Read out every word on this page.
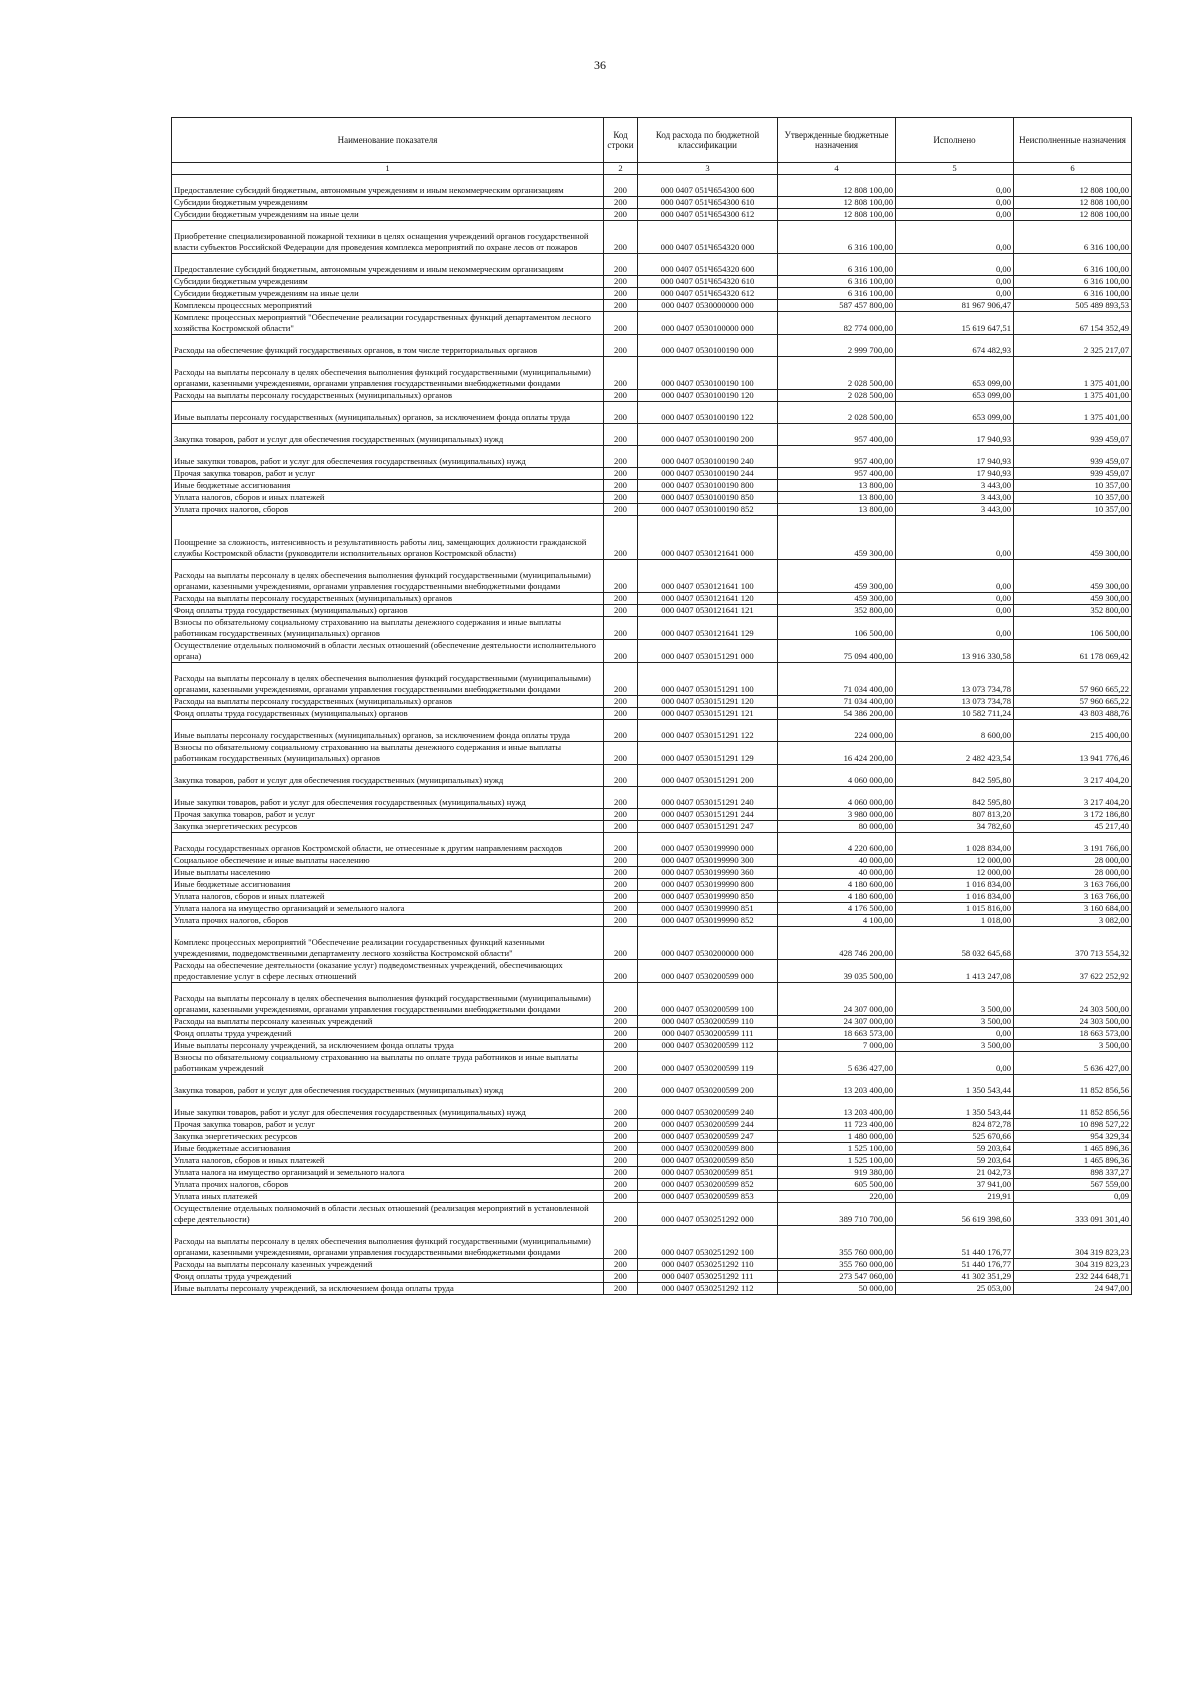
36
Наименование показателя	Код строки	Код расхода по бюджетной классификации	Утвержденные бюджетные назначения	Исполнено	Неисполненные назначения
1	2	3	4	5	6
Предоставление субсидий бюджетным, автономным учреждениям и иным некоммерческим организациям	200	000 0407 051Ч654300 600	12 808 100,00	0,00	12 808 100,00
Субсидии бюджетным учреждениям	200	000 0407 051Ч654300 610	12 808 100,00	0,00	12 808 100,00
Субсидии бюджетным учреждениям на иные цели	200	000 0407 051Ч654300 612	12 808 100,00	0,00	12 808 100,00
Приобретение специализированной пожарной техники в целях оснащения учреждений органов государственной власти субъектов Российской Федерации для проведения комплекса мероприятий по охране лесов от пожаров	200	000 0407 051Ч654320 000	6 316 100,00	0,00	6 316 100,00
Предоставление субсидий бюджетным, автономным учреждениям и иным некоммерческим организациям	200	000 0407 051Ч654320 600	6 316 100,00	0,00	6 316 100,00
Субсидии бюджетным учреждениям	200	000 0407 051Ч654320 610	6 316 100,00	0,00	6 316 100,00
Субсидии бюджетным учреждениям на иные цели	200	000 0407 051Ч654320 612	6 316 100,00	0,00	6 316 100,00
Комплексы процессных мероприятий	200	000 0407 0530000000 000	587 457 800,00	81 967 906,47	505 489 893,53
Комплекс процессных мероприятий "Обеспечение реализации государственных функций департаментом лесного хозяйства Костромской области"	200	000 0407 0530100000 000	82 774 000,00	15 619 647,51	67 154 352,49
Расходы на обеспечение функций государственных органов, в том числе территориальных органов	200	000 0407 0530100190 000	2 999 700,00	674 482,93	2 325 217,07
Расходы на выплаты персоналу в целях обеспечения выполнения функций государственными (муниципальными) органами, казенными учреждениями, органами управления государственными внебюджетными фондами	200	000 0407 0530100190 100	2 028 500,00	653 099,00	1 375 401,00
Расходы на выплаты персоналу государственных (муниципальных) органов	200	000 0407 0530100190 120	2 028 500,00	653 099,00	1 375 401,00
Иные выплаты персоналу государственных (муниципальных) органов, за исключением фонда оплаты труда	200	000 0407 0530100190 122	2 028 500,00	653 099,00	1 375 401,00
Закупка товаров, работ и услуг для обеспечения государственных (муниципальных) нужд	200	000 0407 0530100190 200	957 400,00	17 940,93	939 459,07
Иные закупки товаров, работ и услуг для обеспечения государственных (муниципальных) нужд	200	000 0407 0530100190 240	957 400,00	17 940,93	939 459,07
Прочая закупка товаров, работ и услуг	200	000 0407 0530100190 244	957 400,00	17 940,93	939 459,07
Иные бюджетные ассигнования	200	000 0407 0530100190 800	13 800,00	3 443,00	10 357,00
Уплата налогов, сборов и иных платежей	200	000 0407 0530100190 850	13 800,00	3 443,00	10 357,00
Уплата прочих налогов, сборов	200	000 0407 0530100190 852	13 800,00	3 443,00	10 357,00
Поощрение за сложность, интенсивность и результативность работы лиц, замещающих должности гражданской службы Костромской области (руководители исполнительных органов Костромской области)	200	000 0407 0530121641 000	459 300,00	0,00	459 300,00
Расходы на выплаты персоналу в целях обеспечения выполнения функций государственными (муниципальными) органами, казенными учреждениями, органами управления государственными внебюджетными фондами	200	000 0407 0530121641 100	459 300,00	0,00	459 300,00
Расходы на выплаты персоналу государственных (муниципальных) органов	200	000 0407 0530121641 120	459 300,00	0,00	459 300,00
Фонд оплаты труда государственных (муниципальных) органов	200	000 0407 0530121641 121	352 800,00	0,00	352 800,00
Взносы по обязательному социальному страхованию на выплаты денежного содержания и иные выплаты работникам государственных (муниципальных) органов	200	000 0407 0530121641 129	106 500,00	0,00	106 500,00
Осуществление отдельных полномочий в области лесных отношений (обеспечение деятельности исполнительного органа)	200	000 0407 0530151291 000	75 094 400,00	13 916 330,58	61 178 069,42
Расходы на выплаты персоналу в целях обеспечения выполнения функций государственными (муниципальными) органами, казенными учреждениями, органами управления государственными внебюджетными фондами	200	000 0407 0530151291 100	71 034 400,00	13 073 734,78	57 960 665,22
Расходы на выплаты персоналу государственных (муниципальных) органов	200	000 0407 0530151291 120	71 034 400,00	13 073 734,78	57 960 665,22
Фонд оплаты труда государственных (муниципальных) органов	200	000 0407 0530151291 121	54 386 200,00	10 582 711,24	43 803 488,76
Иные выплаты персоналу государственных (муниципальных) органов, за исключением фонда оплаты труда	200	000 0407 0530151291 122	224 000,00	8 600,00	215 400,00
Взносы по обязательному социальному страхованию на выплаты денежного содержания и иные выплаты работникам государственных (муниципальных) органов	200	000 0407 0530151291 129	16 424 200,00	2 482 423,54	13 941 776,46
Закупка товаров, работ и услуг для обеспечения государственных (муниципальных) нужд	200	000 0407 0530151291 200	4 060 000,00	842 595,80	3 217 404,20
Иные закупки товаров, работ и услуг для обеспечения государственных (муниципальных) нужд	200	000 0407 0530151291 240	4 060 000,00	842 595,80	3 217 404,20
Прочая закупка товаров, работ и услуг	200	000 0407 0530151291 244	3 980 000,00	807 813,20	3 172 186,80
Закупка энергетических ресурсов	200	000 0407 0530151291 247	80 000,00	34 782,60	45 217,40
Расходы государственных органов Костромской области, не отнесенные к другим направлениям расходов	200	000 0407 0530199990 000	4 220 600,00	1 028 834,00	3 191 766,00
Социальное обеспечение и иные выплаты населению	200	000 0407 0530199990 300	40 000,00	12 000,00	28 000,00
Иные выплаты населению	200	000 0407 0530199990 360	40 000,00	12 000,00	28 000,00
Иные бюджетные ассигнования	200	000 0407 0530199990 800	4 180 600,00	1 016 834,00	3 163 766,00
Уплата налогов, сборов и иных платежей	200	000 0407 0530199990 850	4 180 600,00	1 016 834,00	3 163 766,00
Уплата налога на имущество организаций и земельного налога	200	000 0407 0530199990 851	4 176 500,00	1 015 816,00	3 160 684,00
Уплата прочих налогов, сборов	200	000 0407 0530199990 852	4 100,00	1 018,00	3 082,00
Комплекс процессных мероприятий "Обеспечение реализации государственных функций казенными учреждениями, подведомственными департаменту лесного хозяйства Костромской области"	200	000 0407 0530200000 000	428 746 200,00	58 032 645,68	370 713 554,32
Расходы на обеспечение деятельности (оказание услуг) подведомственных учреждений, обеспечивающих предоставление услуг в сфере лесных отношений	200	000 0407 0530200599 000	39 035 500,00	1 413 247,08	37 622 252,92
Расходы на выплаты персоналу в целях обеспечения выполнения функций государственными (муниципальными) органами, казенными учреждениями, органами управления государственными внебюджетными фондами	200	000 0407 0530200599 100	24 307 000,00	3 500,00	24 303 500,00
Расходы на выплаты персоналу казенных учреждений	200	000 0407 0530200599 110	24 307 000,00	3 500,00	24 303 500,00
Фонд оплаты труда учреждений	200	000 0407 0530200599 111	18 663 573,00	0,00	18 663 573,00
Иные выплаты персоналу учреждений, за исключением фонда оплаты труда	200	000 0407 0530200599 112	7 000,00	3 500,00	3 500,00
Взносы по обязательному социальному страхованию на выплаты по оплате труда работников и иные выплаты работникам учреждений	200	000 0407 0530200599 119	5 636 427,00	0,00	5 636 427,00
Закупка товаров, работ и услуг для обеспечения государственных (муниципальных) нужд	200	000 0407 0530200599 200	13 203 400,00	1 350 543,44	11 852 856,56
Иные закупки товаров, работ и услуг для обеспечения государственных (муниципальных) нужд	200	000 0407 0530200599 240	13 203 400,00	1 350 543,44	11 852 856,56
Прочая закупка товаров, работ и услуг	200	000 0407 0530200599 244	11 723 400,00	824 872,78	10 898 527,22
Закупка энергетических ресурсов	200	000 0407 0530200599 247	1 480 000,00	525 670,66	954 329,34
Иные бюджетные ассигнования	200	000 0407 0530200599 800	1 525 100,00	59 203,64	1 465 896,36
Уплата налогов, сборов и иных платежей	200	000 0407 0530200599 850	1 525 100,00	59 203,64	1 465 896,36
Уплата налога на имущество организаций и земельного налога	200	000 0407 0530200599 851	919 380,00	21 042,73	898 337,27
Уплата прочих налогов, сборов	200	000 0407 0530200599 852	605 500,00	37 941,00	567 559,00
Уплата иных платежей	200	000 0407 0530200599 853	220,00	219,91	0,09
Осуществление отдельных полномочий в области лесных отношений (реализация мероприятий в установленной сфере деятельности)	200	000 0407 0530251292 000	389 710 700,00	56 619 398,60	333 091 301,40
Расходы на выплаты персоналу в целях обеспечения выполнения функций государственными (муниципальными) органами, казенными учреждениями, органами управления государственными внебюджетными фондами	200	000 0407 0530251292 100	355 760 000,00	51 440 176,77	304 319 823,23
Расходы на выплаты персоналу казенных учреждений	200	000 0407 0530251292 110	355 760 000,00	51 440 176,77	304 319 823,23
Фонд оплаты труда учреждений	200	000 0407 0530251292 111	273 547 060,00	41 302 351,29	232 244 648,71
Иные выплаты персоналу учреждений, за исключением фонда оплаты труда	200	000 0407 0530251292 112	50 000,00	25 053,00	24 947,00
